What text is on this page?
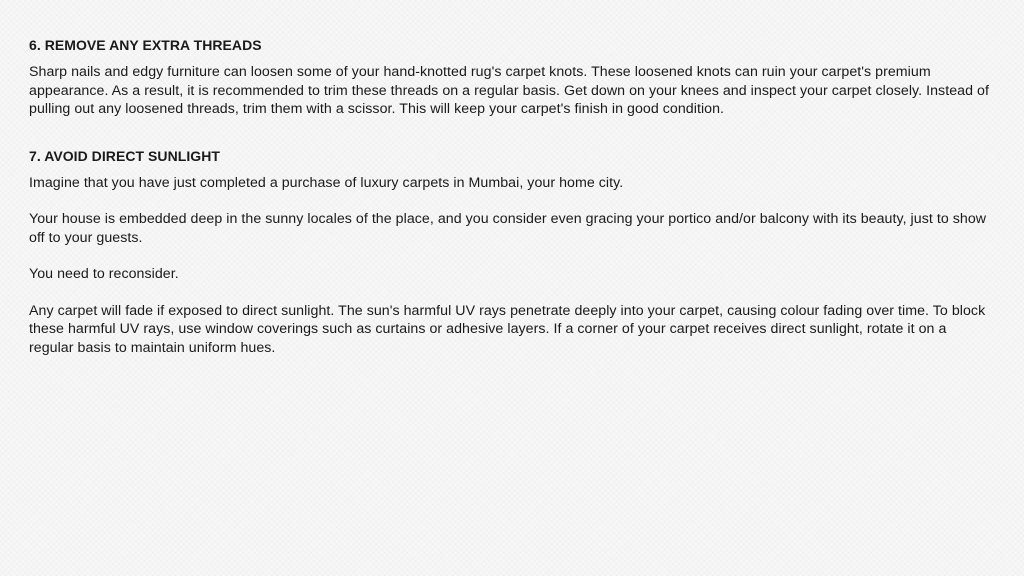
6. REMOVE ANY EXTRA THREADS

Sharp nails and edgy furniture can loosen some of your hand-knotted rug's carpet knots. These loosened knots can ruin your carpet's premium appearance. As a result, it is recommended to trim these threads on a regular basis. Get down on your knees and inspect your carpet closely. Instead of pulling out any loosened threads, trim them with a scissor. This will keep your carpet's finish in good condition.

7. AVOID DIRECT SUNLIGHT

Imagine that you have just completed a purchase of luxury carpets in Mumbai, your home city.

Your house is embedded deep in the sunny locales of the place, and you consider even gracing your portico and/or balcony with its beauty, just to show off to your guests.

You need to reconsider.

Any carpet will fade if exposed to direct sunlight. The sun's harmful UV rays penetrate deeply into your carpet, causing colour fading over time. To block these harmful UV rays, use window coverings such as curtains or adhesive layers. If a corner of your carpet receives direct sunlight, rotate it on a regular basis to maintain uniform hues.
